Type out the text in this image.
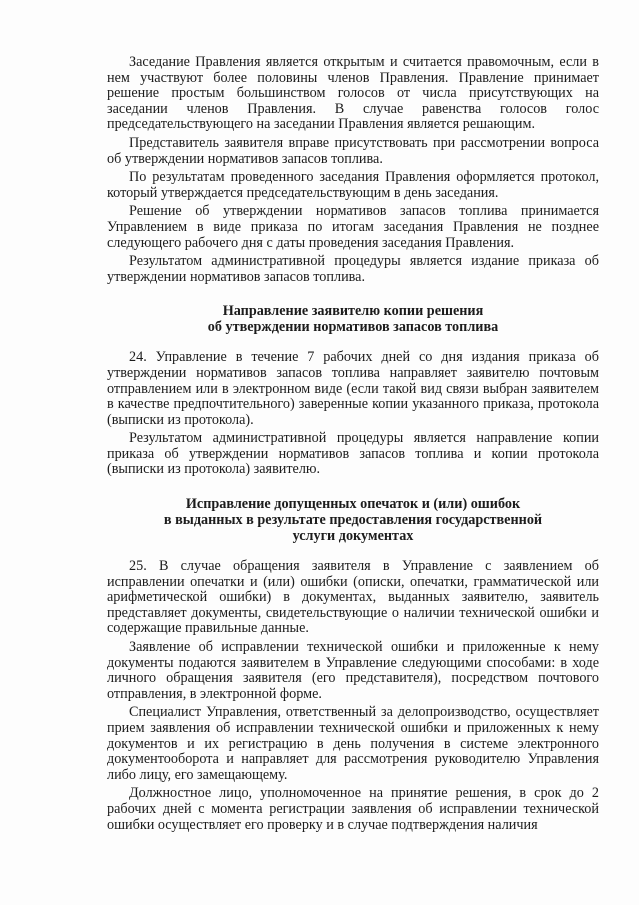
Заседание Правления является открытым и считается правомочным, если в нем участвуют более половины членов Правления. Правление принимает решение простым большинством голосов от числа присутствующих на заседании членов Правления. В случае равенства голосов голос председательствующего на заседании Правления является решающим.

Представитель заявителя вправе присутствовать при рассмотрении вопроса об утверждении нормативов запасов топлива.

По результатам проведенного заседания Правления оформляется протокол, который утверждается председательствующим в день заседания.

Решение об утверждении нормативов запасов топлива принимается Управлением в виде приказа по итогам заседания Правления не позднее следующего рабочего дня с даты проведения заседания Правления.

Результатом административной процедуры является издание приказа об утверждении нормативов запасов топлива.

Направление заявителю копии решения
об утверждении нормативов запасов топлива

24. Управление в течение 7 рабочих дней со дня издания приказа об утверждении нормативов запасов топлива направляет заявителю почтовым отправлением или в электронном виде (если такой вид связи выбран заявителем в качестве предпочтительного) заверенные копии указанного приказа, протокола (выписки из протокола).

Результатом административной процедуры является направление копии приказа об утверждении нормативов запасов топлива и копии протокола (выписки из протокола) заявителю.

Исправление допущенных опечаток и (или) ошибок
в выданных в результате предоставления государственной
услуги документах

25. В случае обращения заявителя в Управление с заявлением об исправлении опечатки и (или) ошибки (описки, опечатки, грамматической или арифметической ошибки) в документах, выданных заявителю, заявитель представляет документы, свидетельствующие о наличии технической ошибки и содержащие правильные данные.

Заявление об исправлении технической ошибки и приложенные к нему документы подаются заявителем в Управление следующими способами: в ходе личного обращения заявителя (его представителя), посредством почтового отправления, в электронной форме.

Специалист Управления, ответственный за делопроизводство, осуществляет прием заявления об исправлении технической ошибки и приложенных к нему документов и их регистрацию в день получения в системе электронного документооборота и направляет для рассмотрения руководителю Управления либо лицу, его замещающему.

Должностное лицо, уполномоченное на принятие решения, в срок до 2 рабочих дней с момента регистрации заявления об исправлении технической ошибки осуществляет его проверку и в случае подтверждения наличия
